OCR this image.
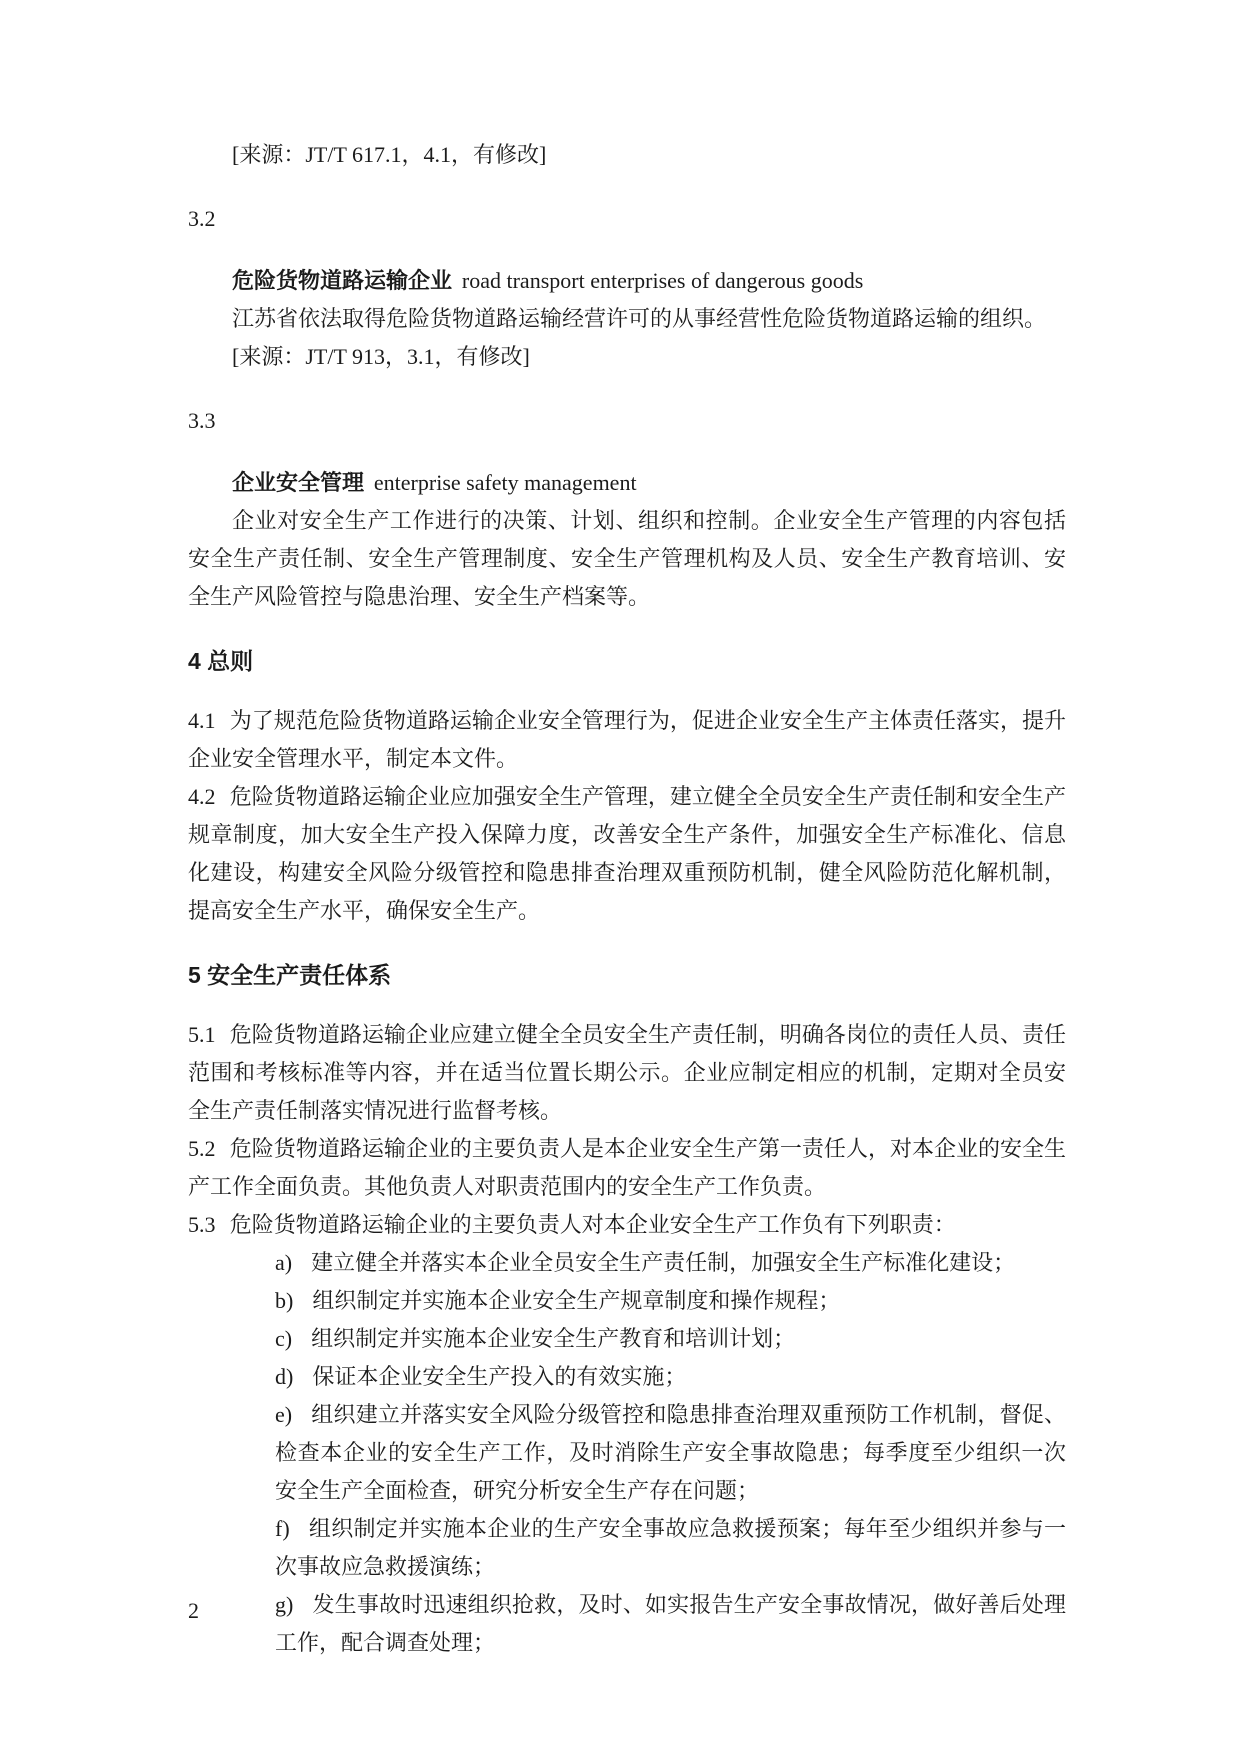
[来源：JT/T 617.1，4.1，有修改]

3.2

危险货物道路运输企业 road transport enterprises of dangerous goods

江苏省依法取得危险货物道路运输经营许可的从事经营性危险货物道路运输的组织。

[来源：JT/T 913，3.1，有修改]

3.3

企业安全管理 enterprise safety management

企业对安全生产工作进行的决策、计划、组织和控制。企业安全生产管理的内容包括安全生产责任制、安全生产管理制度、安全生产管理机构及人员、安全生产教育培训、安全生产风险管控与隐患治理、安全生产档案等。

4 总则

4.1 为了规范危险货物道路运输企业安全管理行为，促进企业安全生产主体责任落实，提升企业安全管理水平，制定本文件。

4.2 危险货物道路运输企业应加强安全生产管理，建立健全全员安全生产责任制和安全生产规章制度，加大安全生产投入保障力度，改善安全生产条件，加强安全生产标准化、信息化建设，构建安全风险分级管控和隐患排查治理双重预防机制，健全风险防范化解机制，提高安全生产水平，确保安全生产。

5 安全生产责任体系

5.1 危险货物道路运输企业应建立健全全员安全生产责任制，明确各岗位的责任人员、责任范围和考核标准等内容，并在适当位置长期公示。企业应制定相应的机制，定期对全员安全生产责任制落实情况进行监督考核。

5.2 危险货物道路运输企业的主要负责人是本企业安全生产第一责任人，对本企业的安全生产工作全面负责。其他负责人对职责范围内的安全生产工作负责。

5.3 危险货物道路运输企业的主要负责人对本企业安全生产工作负有下列职责：

a) 建立健全并落实本企业全员安全生产责任制，加强安全生产标准化建设；

b) 组织制定并实施本企业安全生产规章制度和操作规程；

c) 组织制定并实施本企业安全生产教育和培训计划；

d) 保证本企业安全生产投入的有效实施；

e) 组织建立并落实安全风险分级管控和隐患排查治理双重预防工作机制，督促、检查本企业的安全生产工作，及时消除生产安全事故隐患；每季度至少组织一次安全生产全面检查，研究分析安全生产存在问题；

f) 组织制定并实施本企业的生产安全事故应急救援预案；每年至少组织并参与一次事故应急救援演练；

g) 发生事故时迅速组织抢救，及时、如实报告生产安全事故情况，做好善后处理工作，配合调查处理；

2
